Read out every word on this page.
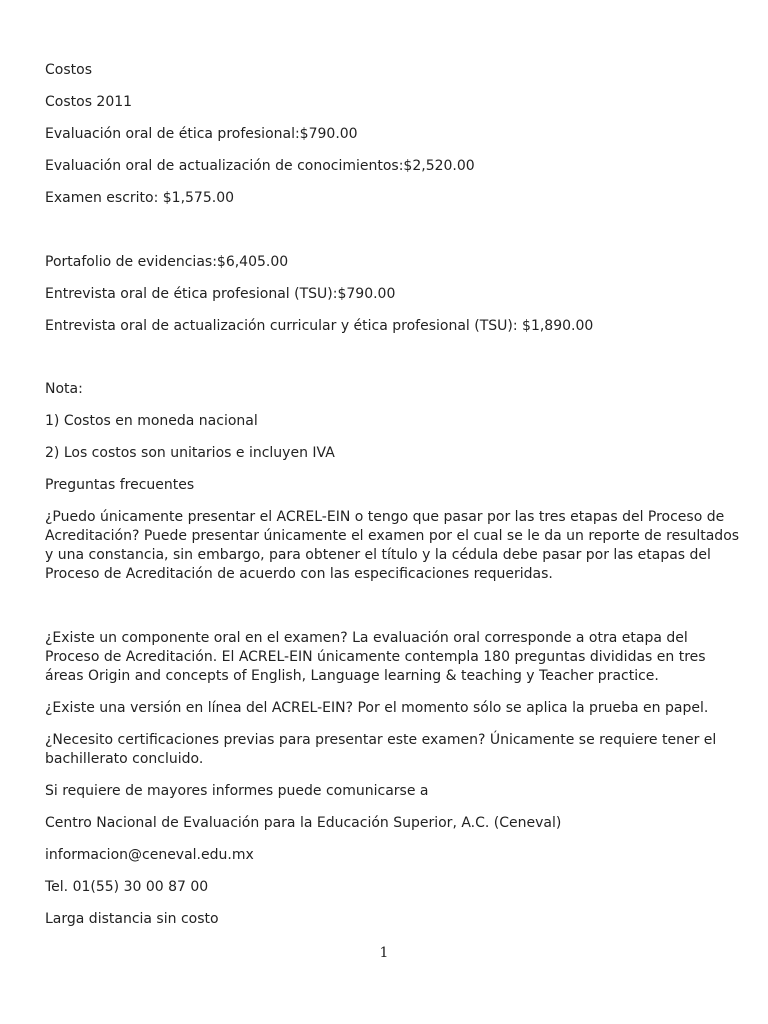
Costos

Costos 2011

Evaluación oral de ética profesional:$790.00

Evaluación oral de actualización de conocimientos:$2,520.00

Examen escrito: $1,575.00

Portafolio de evidencias:$6,405.00

Entrevista oral de ética profesional (TSU):$790.00

Entrevista oral de actualización curricular y ética profesional (TSU): $1,890.00

Nota:

1) Costos en moneda nacional

2) Los costos son unitarios e incluyen IVA

Preguntas frecuentes

¿Puedo únicamente presentar el ACREL-EIN o tengo que pasar por las tres etapas del Proceso de
Acreditación? Puede presentar únicamente el examen por el cual se le da un reporte de resultados
y una constancia, sin embargo, para obtener el título y la cédula debe pasar por las etapas del
Proceso de Acreditación de acuerdo con las especificaciones requeridas.
¿Existe un componente oral en el examen? La evaluación oral corresponde a otra etapa del
Proceso de Acreditación. El ACREL-EIN únicamente contempla 180 preguntas divididas en tres
áreas Origin and concepts of English, Language learning & teaching y Teacher practice.

¿Existe una versión en línea del ACREL-EIN? Por el momento sólo se aplica la prueba en papel.

¿Necesito certificaciones previas para presentar este examen? Únicamente se requiere tener el
bachillerato concluido.

Si requiere de mayores informes puede comunicarse a

Centro Nacional de Evaluación para la Educación Superior, A.C. (Ceneval)

informacion@ceneval.edu.mx

Tel. 01(55) 30 00 87 00

Larga distancia sin costo

1
